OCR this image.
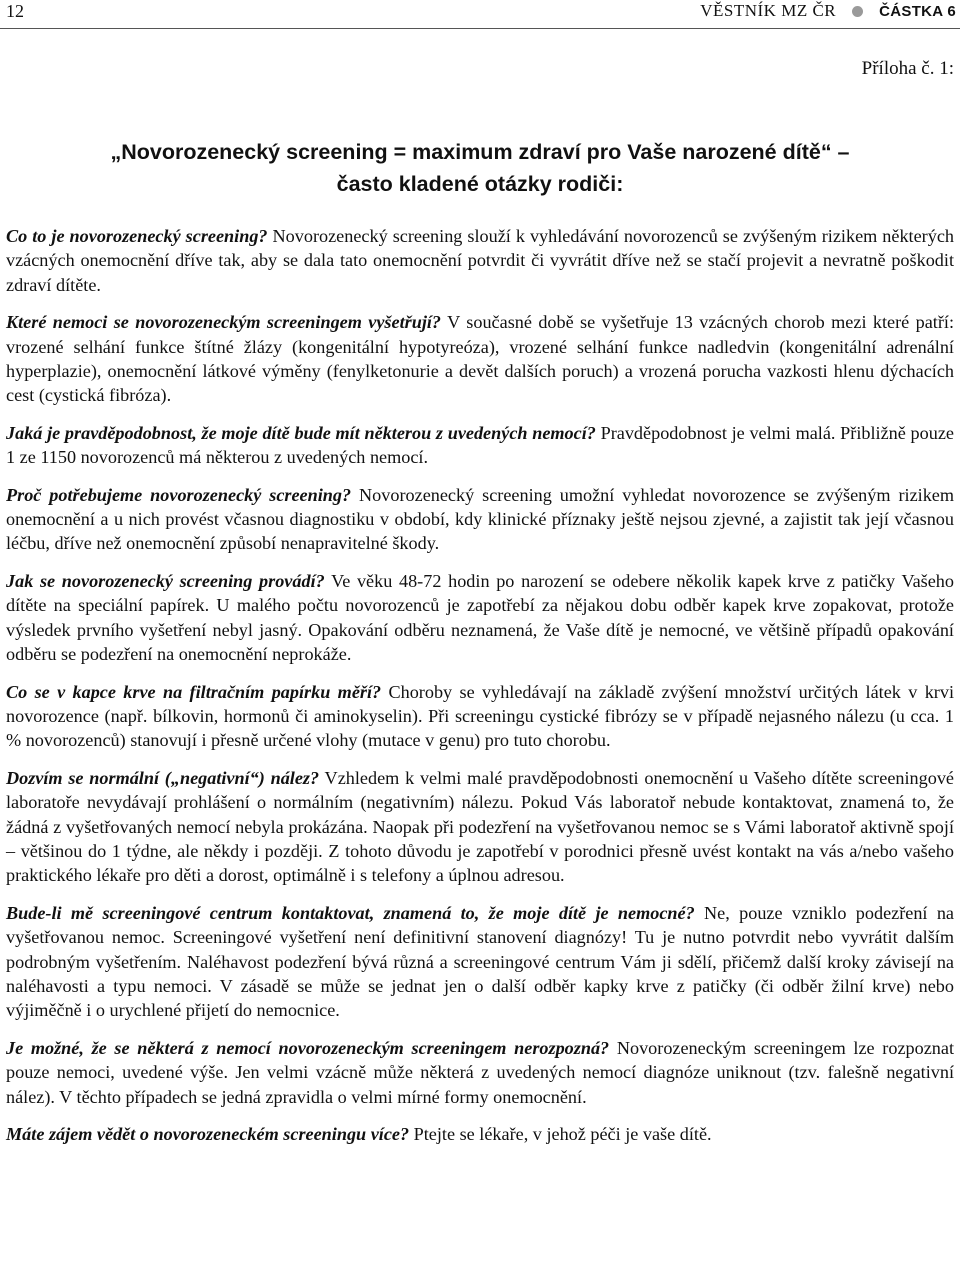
12	VĚSTNÍK MZ ČR	ČÁSTKA 6
Příloha č. 1:
„Novorozenecký screening = maximum zdraví pro Vaše narozené dítě“ –
často kladené otázky rodiči:

Co to je novorozenecký screening? Novorozenecký screening slouží k vyhledávání novorozenců se zvýšeným rizikem některých vzácných onemocnění dříve tak, aby se dala tato onemocnění potvrdit či vyvrátit dříve než se stačí projevit a nevratně poškodit zdraví dítěte.

Které nemoci se novorozeneckým screeningem vyšetřují? V současné době se vyšetřuje 13 vzácných chorob mezi které patří: vrozené selhání funkce štítné žlázy (kongenitální hypotyreóza), vrozené selhání funkce nadledvin (kongenitální adrenální hyperplazie), onemocnění látkové výměny (fenylketonurie a devět dalších poruch) a vrozená porucha vazkosti hlenu dýchacích cest (cystická fibróza).

Jaká je pravděpodobnost, že moje dítě bude mít některou z uvedených nemocí? Pravděpodobnost je velmi malá. Přibližně pouze 1 ze 1150 novorozenců má některou z uvedených nemocí.

Proč potřebujeme novorozenecký screening? Novorozenecký screening umožní vyhledat novorozence se zvýšeným rizikem onemocnění a u nich provést včasnou diagnostiku v období, kdy klinické příznaky ještě nejsou zjevné, a zajistit tak její včasnou léčbu, dříve než onemocnění způsobí nenapravitelné škody.

Jak se novorozenecký screening provádí? Ve věku 48-72 hodin po narození se odebere několik kapek krve z patičky Vašeho dítěte na speciální papírek. U malého počtu novorozenců je zapotřebí za nějakou dobu odběr kapek krve zopakovat, protože výsledek prvního vyšetření nebyl jasný. Opakování odběru neznamená, že Vaše dítě je nemocné, ve většině případů opakování odběru se podezření na onemocnění neprokáže.

Co se v kapce krve na filtračním papírku měří? Choroby se vyhledávají na základě zvýšení množství určitých látek v krvi novorozence (např. bílkovin, hormonů či aminokyselin). Při screeningu cystické fibrózy se v případě nejasného nálezu (u cca. 1 % novorozenců) stanovují i přesně určené vlohy (mutace v genu) pro tuto chorobu.

Dozvím se normální („negativní“) nález? Vzhledem k velmi malé pravděpodobnosti onemocnění u Vašeho dítěte screeningové laboratoře nevydávají prohlášení o normálním (negativním) nálezu. Pokud Vás laboratoř nebude kontaktovat, znamená to, že žádná z vyšetřovaných nemocí nebyla prokázána. Naopak při podezření na vyšetřovanou nemoc se s Vámi laboratoř aktivně spojí – většinou do 1 týdne, ale někdy i později. Z tohoto důvodu je zapotřebí v porodnici přesně uvést kontakt na vás a/nebo vašeho praktického lékaře pro děti a dorost, optimálně i s telefony a úplnou adresou.

Bude-li mě screeningové centrum kontaktovat, znamená to, že moje dítě je nemocné? Ne, pouze vzniklo podezření na vyšetřovanou nemoc. Screeningové vyšetření není definitivní stanovení diagnózy! Tu je nutno potvrdit nebo vyvrátit dalším podrobným vyšetřením. Naléhavost podezření bývá různá a screeningové centrum Vám ji sdělí, přičemž další kroky závisejí na naléhavosti a typu nemoci. V zásadě se může se jednat jen o další odběr kapky krve z patičky (či odběr žilní krve) nebo výjiměčně i o urychlené přijetí do nemocnice.

Je možné, že se některá z nemocí novorozeneckým screeningem nerozpozná? Novorozeneckým screeningem lze rozpoznat pouze nemoci, uvedené výše. Jen velmi vzácně může některá z uvedených nemocí diagnóze uniknout (tzv. falešně negativní nález). V těchto případech se jedná zpravidla o velmi mírné formy onemocnění.

Máte zájem vědět o novorozeneckém screeningu více? Ptejte se lékaře, v jehož péči je vaše dítě.
